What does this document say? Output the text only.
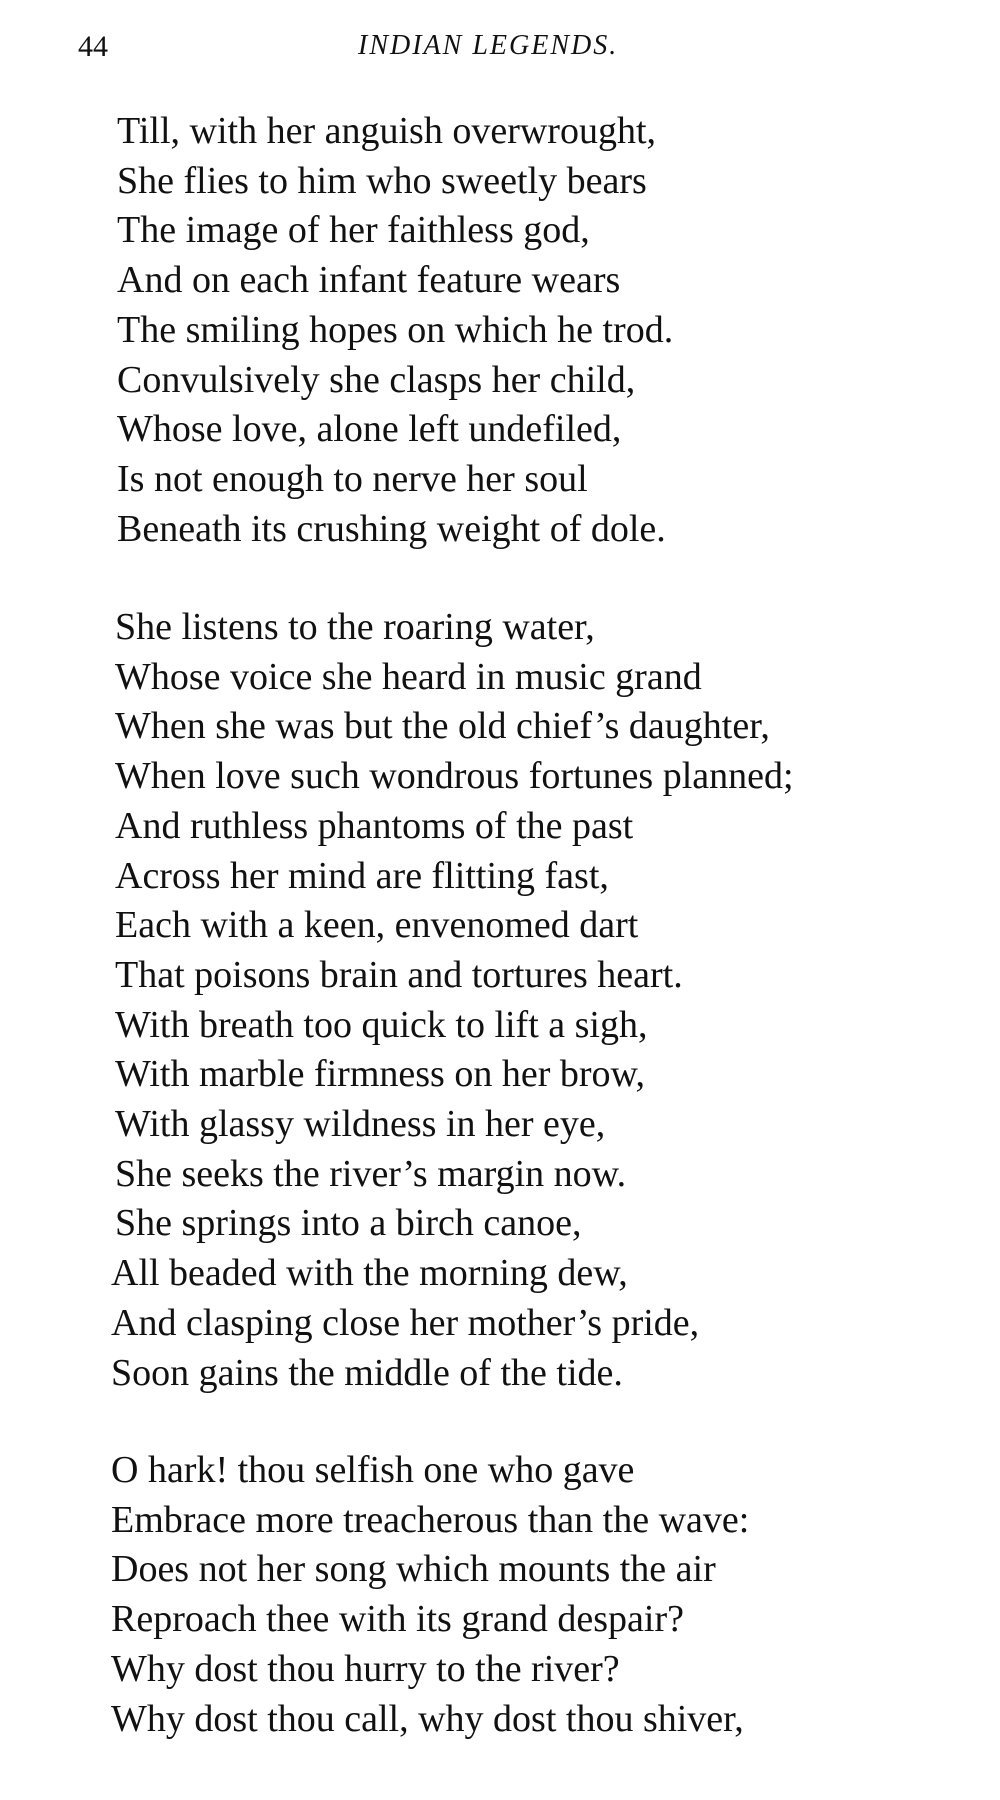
44	INDIAN LEGENDS.

Till, with her anguish overwrought,
She flies to him who sweetly bears
The image of her faithless god,
And on each infant feature wears
The smiling hopes on which he trod.
Convulsively she clasps her child,
Whose love, alone left undefiled,
Is not enough to nerve her soul
Beneath its crushing weight of dole.

She listens to the roaring water,
Whose voice she heard in music grand
When she was but the old chief’s daughter,
When love such wondrous fortunes planned;
And ruthless phantoms of the past
Across her mind are flitting fast,
Each with a keen, envenomed dart
That poisons brain and tortures heart.
With breath too quick to lift a sigh,
With marble firmness on her brow,
With glassy wildness in her eye,
She seeks the river’s margin now.
She springs into a birch canoe,
All beaded with the morning dew,
And clasping close her mother’s pride,
Soon gains the middle of the tide.

O hark! thou selfish one who gave
Embrace more treacherous than the wave:
Does not her song which mounts the air
Reproach thee with its grand despair?
Why dost thou hurry to the river?
Why dost thou call, why dost thou shiver,
